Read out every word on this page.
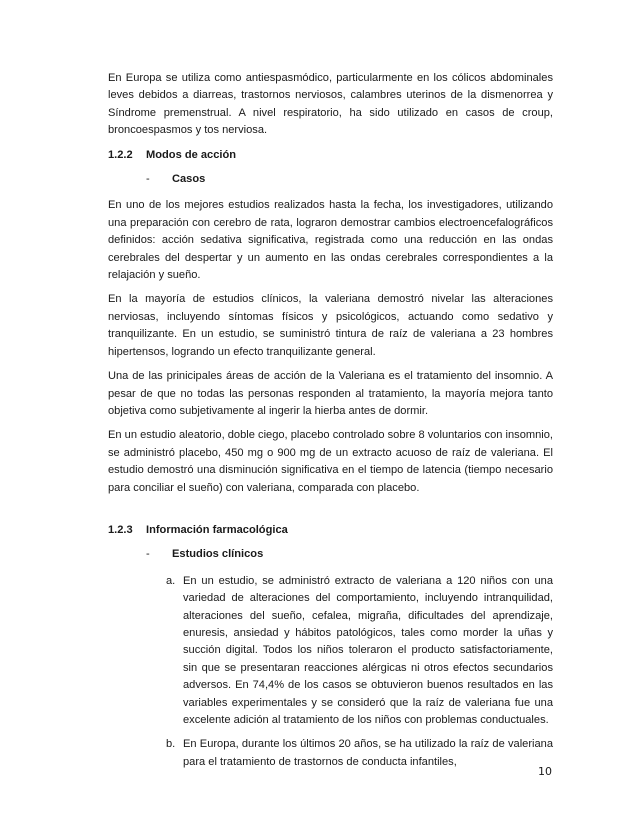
En Europa se utiliza como antiespasmódico, particularmente en los cólicos abdominales leves debidos a diarreas, trastornos nerviosos, calambres uterinos de la dismenorrea y Síndrome premenstrual. A nivel respiratorio, ha sido utilizado en casos de croup, broncoespasmos y tos nerviosa.

1.2.2 Modos de acción
- Casos

En uno de los mejores estudios realizados hasta la fecha, los investigadores, utilizando una preparación con cerebro de rata, lograron demostrar cambios electroencefalográficos definidos: acción sedativa significativa, registrada como una reducción en las ondas cerebrales del despertar y un aumento en las ondas cerebrales correspondientes a la relajación y sueño.

En la mayoría de estudios clínicos, la valeriana demostró nivelar las alteraciones nerviosas, incluyendo síntomas físicos y psicológicos, actuando como sedativo y tranquilizante. En un estudio, se suministró tintura de raíz de valeriana a 23 hombres hipertensos, logrando un efecto tranquilizante general.

Una de las prinicipales áreas de acción de la Valeriana es el tratamiento del insomnio. A pesar de que no todas las personas responden al tratamiento, la mayoría mejora tanto objetiva como subjetivamente al ingerir la hierba antes de dormir.

En un estudio aleatorio, doble ciego, placebo controlado sobre 8 voluntarios con insomnio, se administró placebo, 450 mg o 900 mg de un extracto acuoso de raíz de valeriana. El estudio demostró una disminución significativa en el tiempo de latencia (tiempo necesario para conciliar el sueño) con valeriana, comparada con placebo.

1.2.3 Información farmacológica
- Estudios clínicos
a. En un estudio, se administró extracto de valeriana a 120 niños con una variedad de alteraciones del comportamiento, incluyendo intranquilidad, alteraciones del sueño, cefalea, migraña, dificultades del aprendizaje, enuresis, ansiedad y hábitos patológicos, tales como morder la uñas y succión digital. Todos los niños toleraron el producto satisfactoriamente, sin que se presentaran reacciones alérgicas ni otros efectos secundarios adversos. En 74,4% de los casos se obtuvieron buenos resultados en las variables experimentales y se consideró que la raíz de valeriana fue una excelente adición al tratamiento de los niños con problemas conductuales.
b. En Europa, durante los últimos 20 años, se ha utilizado la raíz de valeriana para el tratamiento de trastornos de conducta infantiles,
10
